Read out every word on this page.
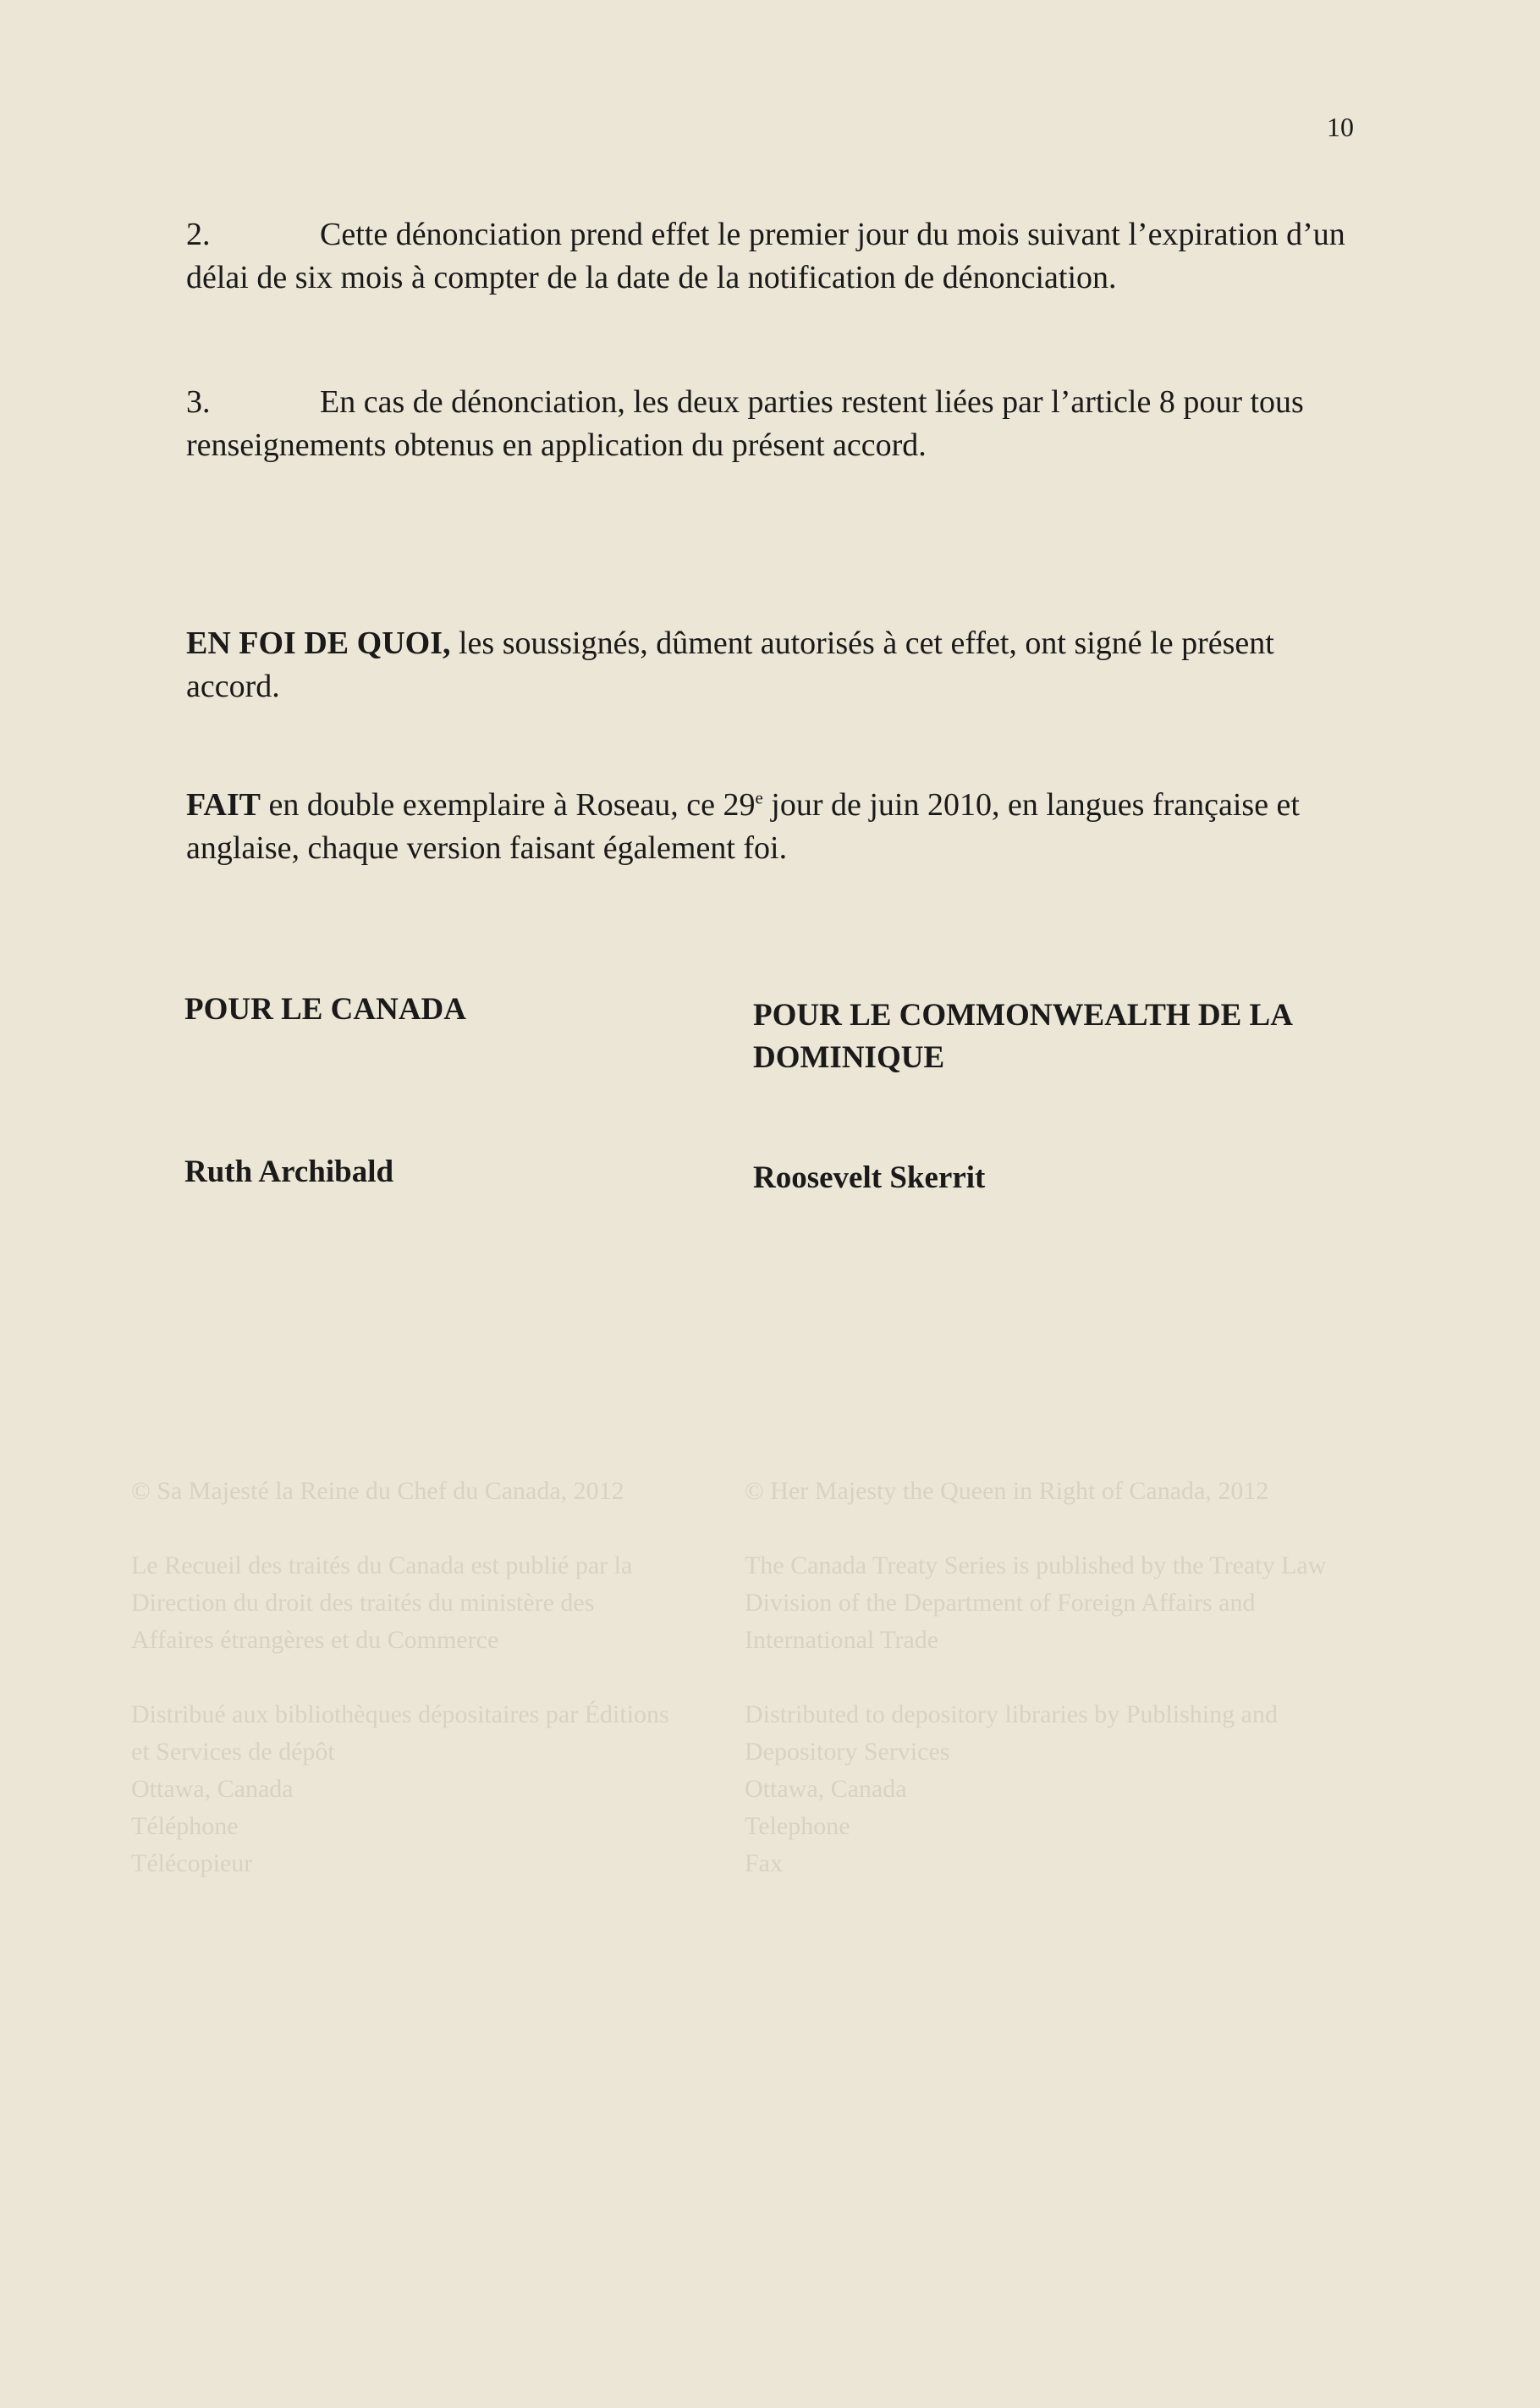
10
2.	Cette dénonciation prend effet le premier jour du mois suivant l’expiration d’un délai de six mois à compter de la date de la notification de dénonciation.
3.	En cas de dénonciation, les deux parties restent liées par l’article 8 pour tous renseignements obtenus en application du présent accord.
EN FOI DE QUOI, les soussignés, dûment autorisés à cet effet, ont signé le présent accord.
FAIT en double exemplaire à Roseau, ce 29e jour de juin 2010, en langues française et anglaise, chaque version faisant également foi.
POUR LE CANADA	POUR LE COMMONWEALTH DE LA DOMINIQUE
Ruth Archibald	Roosevelt Skerrit
© Sa Majesté la Reine du Chef du Canada, 2012

Le Recueil des traités du Canada est publié par la Direction du droit des traités du ministère des Affaires étrangères et du Commerce

Distribué aux bibliothèques dépositaires par Éditions et Services de dépôt
Ottawa, Canada
Téléphone
Télécopieur
© Her Majesty the Queen in Right of Canada, 2012

The Canada Treaty Series is published by the Treaty Law Division of the Department of Foreign Affairs and International Trade

Distributed to depository libraries by Publishing and Depository Services
Ottawa, Canada
Telephone
Fax
